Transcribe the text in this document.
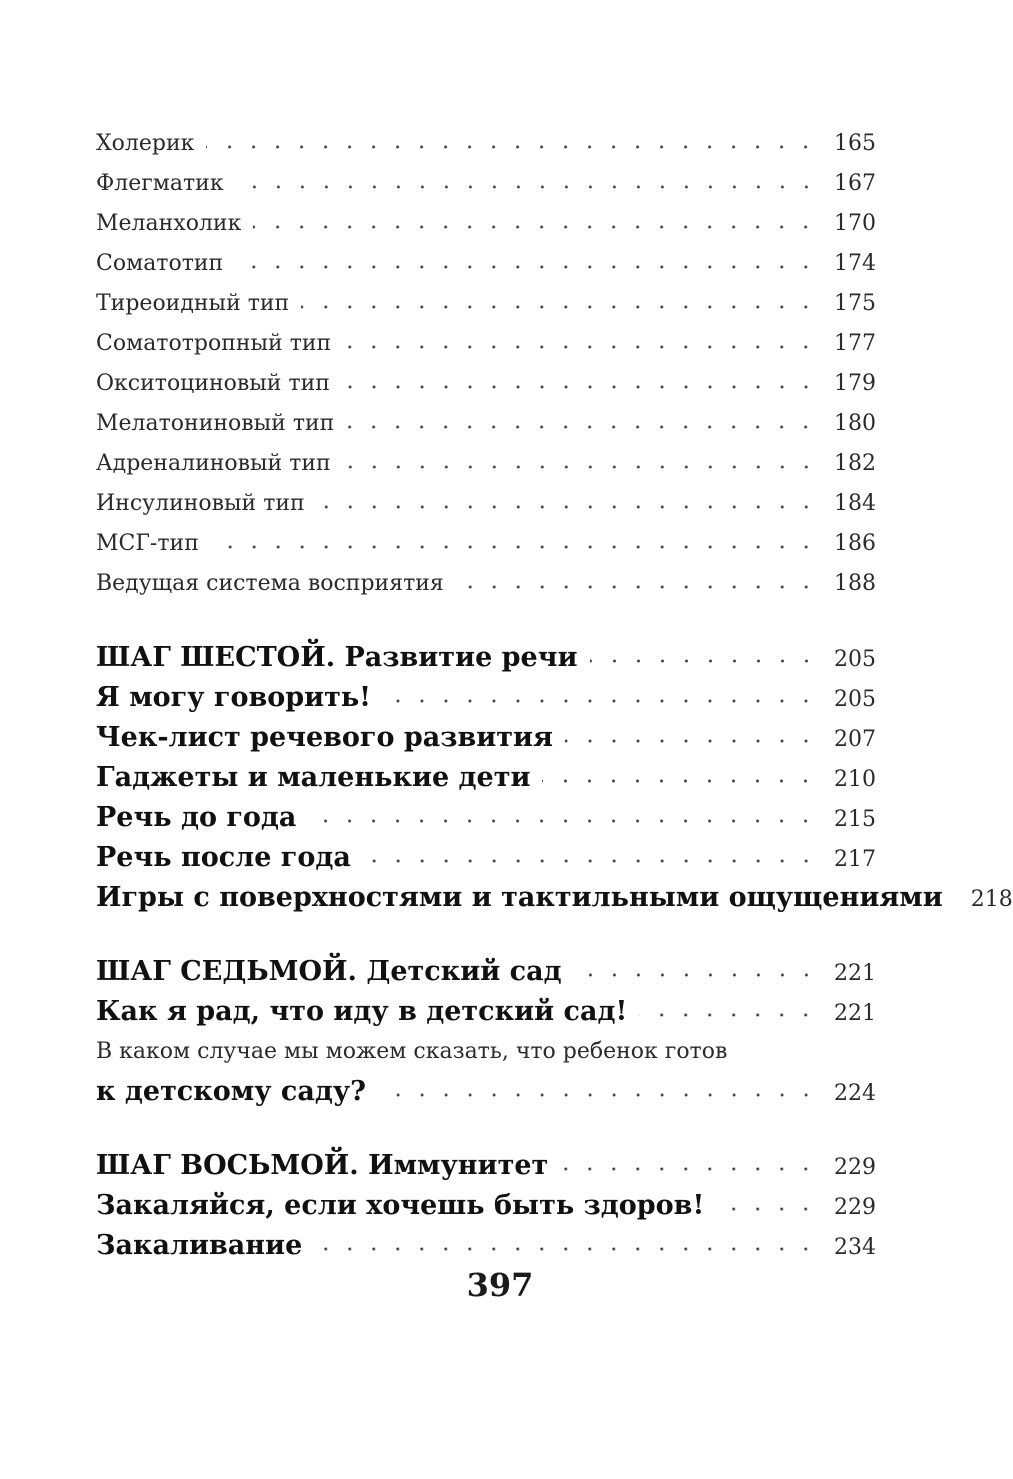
Холерик	165
Флегматик	167
Меланхолик	170
Соматотип	174
Тиреоидный тип	175
Соматотропный тип	177
Окситоциновый тип	179
Мелатониновый тип	180
Адреналиновый тип	182
Инсулиновый тип	184
МСГ-тип	186
Ведущая система восприятия	188
ШАГ ШЕСТОЙ. Развитие речи	205
Я могу говорить!	205
Чек-лист речевого развития	207
Гаджеты и маленькие дети	210
Речь до года	215
Речь после года	217
Игры с поверхностями и тактильными ощущениями 218
ШАГ СЕДЬМОЙ. Детский сад	221
Как я рад, что иду в детский сад!	221
В каком случае мы можем сказать, что ребенок готов
к детскому саду?	224
ШАГ ВОСЬМОЙ. Иммунитет	229
Закаляйся, если хочешь быть здоров!	229
Закаливание	234
397
